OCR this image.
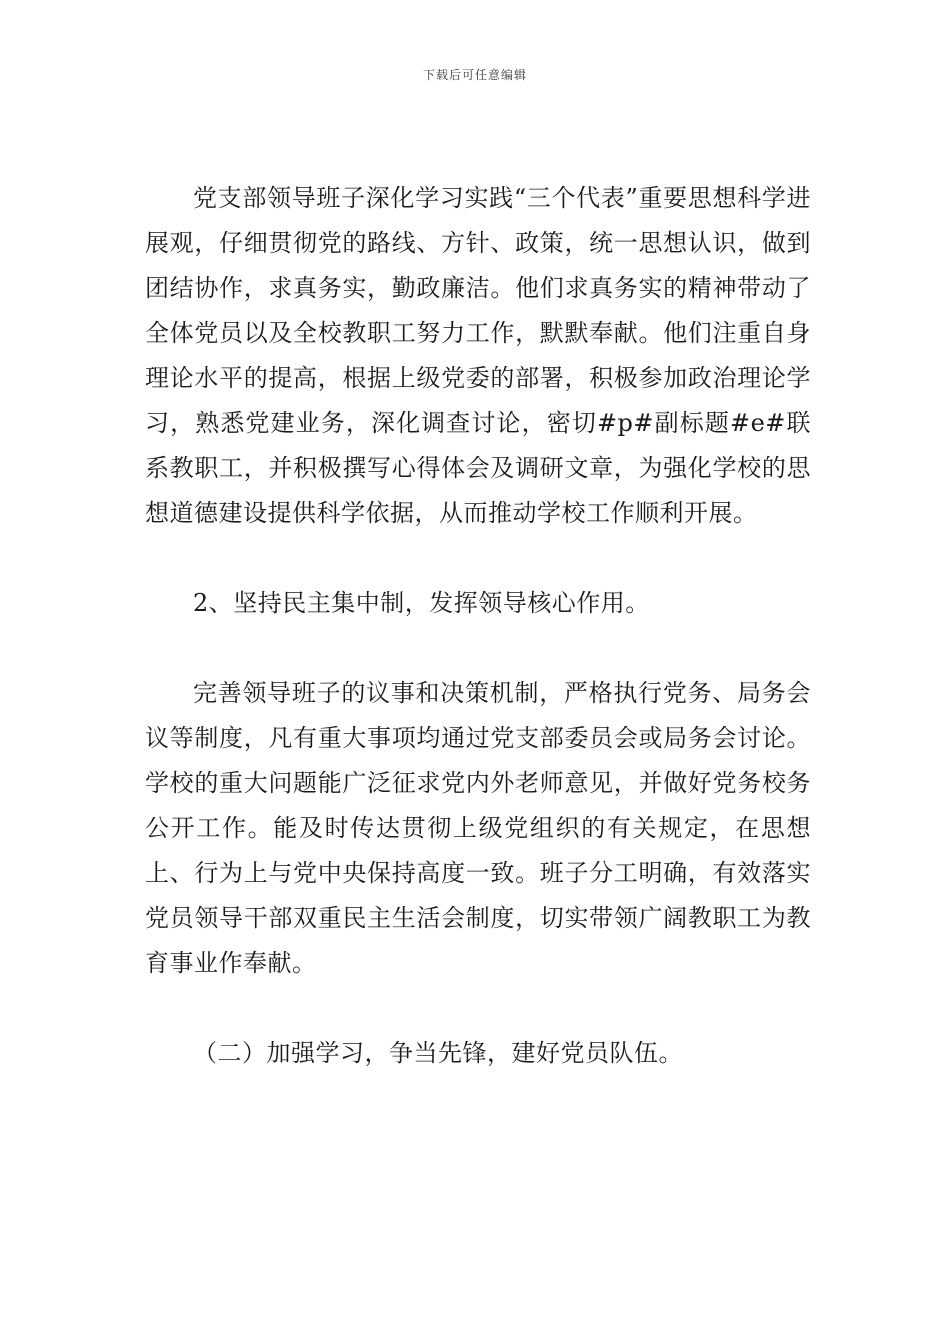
下载后可任意编辑

党支部领导班子深化学习实践“三个代表”重要思想科学进展观，仔细贯彻党的路线、方针、政策，统一思想认识，做到团结协作，求真务实，勤政廉洁。他们求真务实的精神带动了全体党员以及全校教职工努力工作，默默奉献。他们注重自身理论水平的提高，根据上级党委的部署，积极参加政治理论学习，熟悉党建业务，深化调查讨论，密切#p#副标题#e#联系教职工，并积极撰写心得体会及调研文章，为强化学校的思想道德建设提供科学依据，从而推动学校工作顺利开展。

2、坚持民主集中制，发挥领导核心作用。

完善领导班子的议事和决策机制，严格执行党务、局务会议等制度，凡有重大事项均通过党支部委员会或局务会讨论。学校的重大问题能广泛征求党内外老师意见，并做好党务校务公开工作。能及时传达贯彻上级党组织的有关规定，在思想上、行为上与党中央保持高度一致。班子分工明确，有效落实党员领导干部双重民主生活会制度，切实带领广阔教职工为教育事业作奉献。

（二）加强学习，争当先锋，建好党员队伍。
